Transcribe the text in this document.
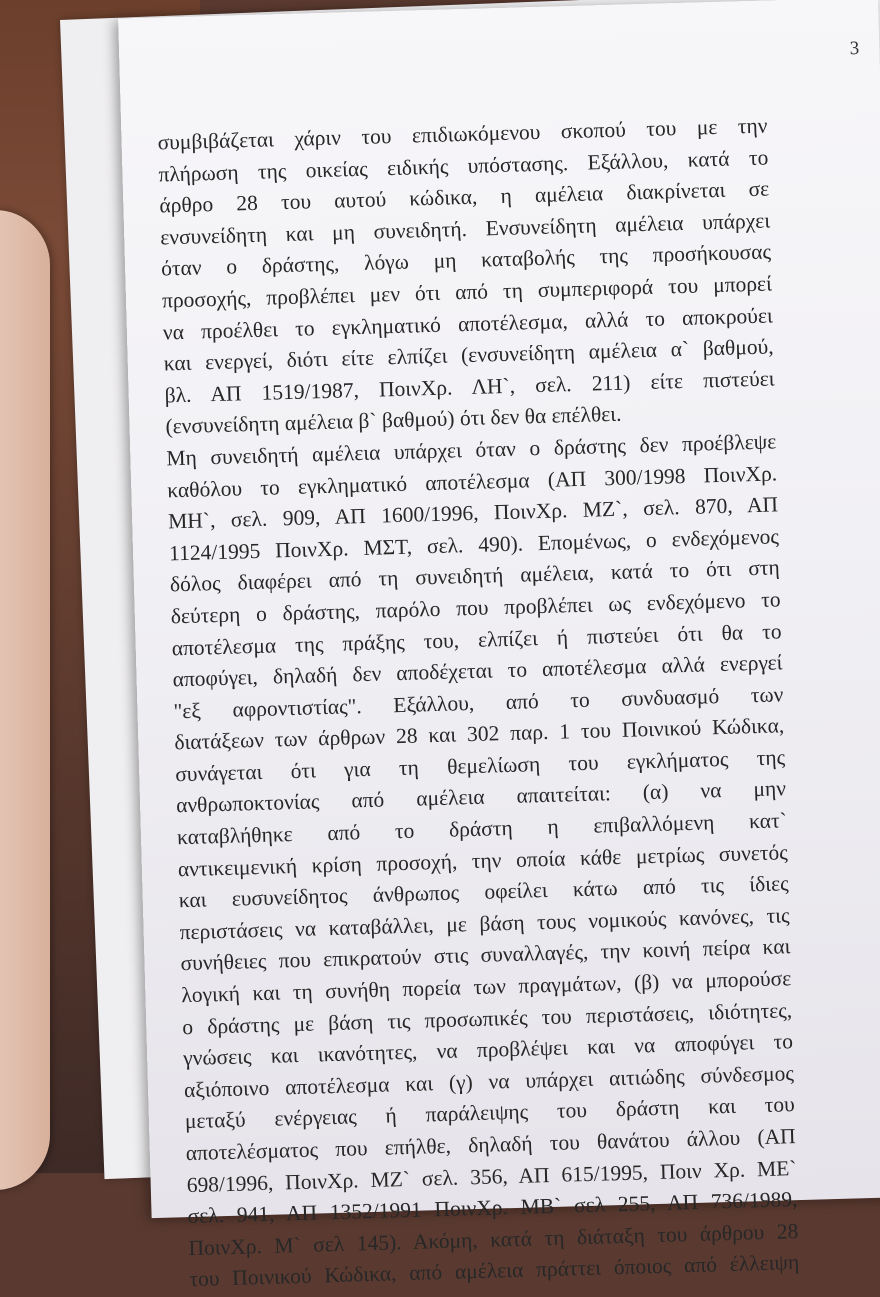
3
συμβιβάζεται χάριν του επιδιωκόμενου σκοπού του με την
πλήρωση της οικείας ειδικής υπόστασης. Εξάλλου, κατά το
άρθρο 28 του αυτού κώδικα, η αμέλεια διακρίνεται σε
ενσυνείδητη και μη συνειδητή. Ενσυνείδητη αμέλεια υπάρχει
όταν ο δράστης, λόγω μη καταβολής της προσήκουσας
προσοχής, προβλέπει μεν ότι από τη συμπεριφορά του μπορεί
να προέλθει το εγκληματικό αποτέλεσμα, αλλά το αποκρούει
και ενεργεί, διότι είτε ελπίζει (ενσυνείδητη αμέλεια α` βαθμού,
βλ. ΑΠ 1519/1987, ΠοινΧρ. ΛΗ`, σελ. 211) είτε πιστεύει
(ενσυνείδητη αμέλεια β` βαθμού) ότι δεν θα επέλθει.
Μη συνειδητή αμέλεια υπάρχει όταν ο δράστης δεν προέβλεψε
καθόλου το εγκληματικό αποτέλεσμα (ΑΠ 300/1998 ΠοινΧρ.
ΜΗ`, σελ. 909, ΑΠ 1600/1996, ΠοινΧρ. ΜΖ`, σελ. 870, ΑΠ
1124/1995 ΠοινΧρ. ΜΣΤ, σελ. 490). Επομένως, ο ενδεχόμενος
δόλος διαφέρει από τη συνειδητή αμέλεια, κατά το ότι στη
δεύτερη ο δράστης, παρόλο που προβλέπει ως ενδεχόμενο το
αποτέλεσμα της πράξης του, ελπίζει ή πιστεύει ότι θα το
αποφύγει, δηλαδή δεν αποδέχεται το αποτέλεσμα αλλά ενεργεί
"εξ αφροντιστίας". Εξάλλου, από το συνδυασμό των
διατάξεων των άρθρων 28 και 302 παρ. 1 του Ποινικού Κώδικα,
συνάγεται ότι για τη θεμελίωση του εγκλήματος της
ανθρωποκτονίας από αμέλεια απαιτείται: (α) να μην
καταβλήθηκε από το δράστη η επιβαλλόμενη κατ`
αντικειμενική κρίση προσοχή, την οποία κάθε μετρίως συνετός
και ευσυνείδητος άνθρωπος οφείλει κάτω από τις ίδιες
περιστάσεις να καταβάλλει, με βάση τους νομικούς κανόνες, τις
συνήθειες που επικρατούν στις συναλλαγές, την κοινή πείρα και
λογική και τη συνήθη πορεία των πραγμάτων, (β) να μπορούσε
ο δράστης με βάση τις προσωπικές του περιστάσεις, ιδιότητες,
γνώσεις και ικανότητες, να προβλέψει και να αποφύγει το
αξιόποινο αποτέλεσμα και (γ) να υπάρχει αιτιώδης σύνδεσμος
μεταξύ ενέργειας ή παράλειψης του δράστη και του
αποτελέσματος που επήλθε, δηλαδή του θανάτου άλλου (ΑΠ
698/1996, ΠοινΧρ. ΜΖ` σελ. 356, ΑΠ 615/1995, Ποιν Χρ. ΜΕ`
σελ. 941, ΑΠ 1352/1991 ΠοινΧρ. ΜΒ` σελ 255, ΑΠ 736/1989,
ΠοινΧρ. Μ` σελ 145). Ακόμη, κατά τη διάταξη του άρθρου 28
του Ποινικού Κώδικα, από αμέλεια πράττει όποιος από έλλειψη
